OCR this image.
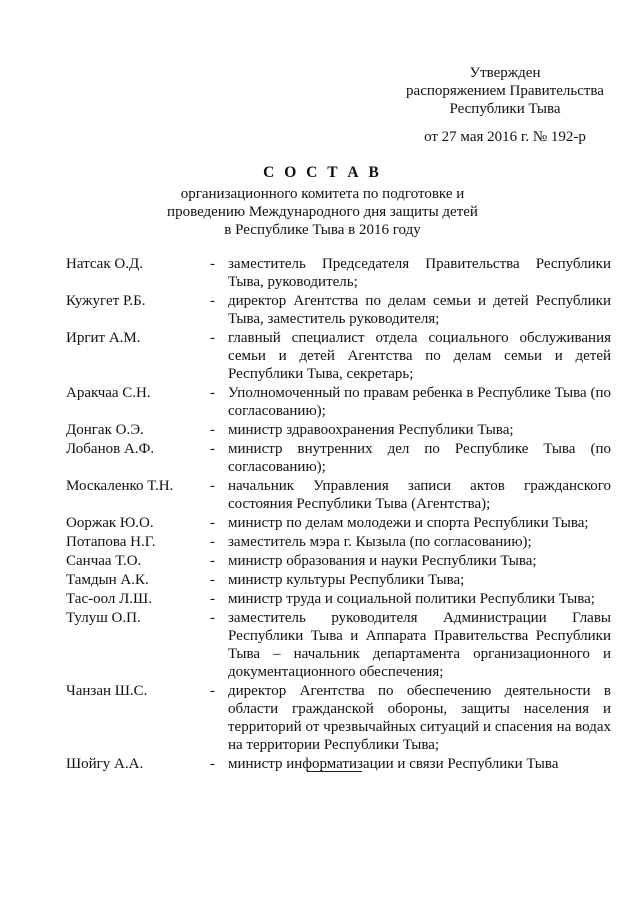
Утвержден
распоряжением Правительства
Республики Тыва
от 27 мая 2016 г. № 192-р
С О С Т А В
организационного комитета по подготовке и
проведению Международного дня защиты детей
в Республике Тыва в 2016 году
Натсак О.Д.	- заместитель Председателя Правительства Республики Тыва, руководитель;
Кужугет Р.Б.	- директор Агентства по делам семьи и детей Республики Тыва, заместитель руководителя;
Иргит А.М.	- главный специалист отдела социального обслуживания семьи и детей Агентства по делам семьи и детей Республики Тыва, секретарь;
Аракчаа С.Н.	- Уполномоченный по правам ребенка в Республике Тыва (по согласованию);
Донгак О.Э.	- министр здравоохранения Республики Тыва;
Лобанов А.Ф.	- министр внутренних дел по Республике Тыва (по согласованию);
Москаленко Т.Н.	- начальник Управления записи актов гражданского состояния Республики Тыва (Агентства);
Ооржак Ю.О.	- министр по делам молодежи и спорта Республики Тыва;
Потапова Н.Г.	- заместитель мэра г. Кызыла (по согласованию);
Санчаа Т.О.	- министр образования и науки Республики Тыва;
Тамдын А.К.	- министр культуры Республики Тыва;
Тас-оол Л.Ш.	- министр труда и социальной политики Республики Тыва;
Тулуш О.П.	- заместитель руководителя Администрации Главы Республики Тыва и Аппарата Правительства Республики Тыва – начальник департамента организационного и документационного обеспечения;
Чанзан Ш.С.	- директор Агентства по обеспечению деятельности в области гражданской обороны, защиты населения и территорий от чрезвычайных ситуаций и спасения на водах на территории Республики Тыва;
Шойгу А.А.	- министр информатизации и связи Республики Тыва
